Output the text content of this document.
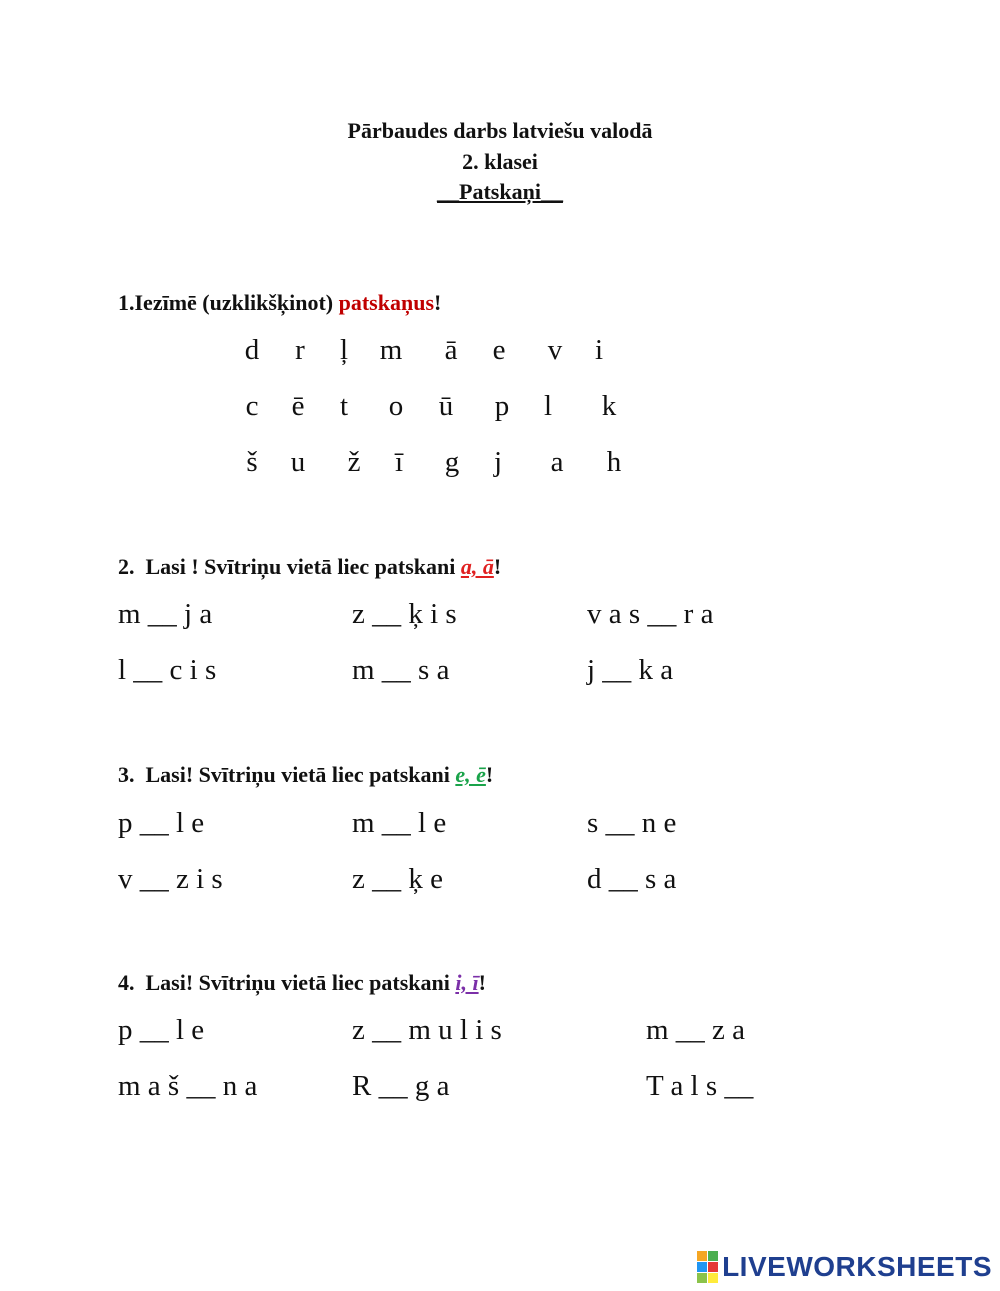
Pārbaudes darbs latviešu valodā
2. klasei
__Patskaņi__
1.Iezīmē (uzklikšķinot) patskaņus!
d	r	ļ	m	ā	e	v	i
c	ē	t	o	ū	p	l	k
š	u	ž	ī	g	j	a	h
2. Lasi ! Svītriņu vietā liec patskani a, ā!
m __ j a	z __ ķ i s	v a s __ r a
l __ c i s	m __ s a	j __ k a
3. Lasi! Svītriņu vietā liec patskani e, ē!
p __ l e	m __ l e	s __ n e
v __ z i s	z __ ķ e	d __ s a
4. Lasi! Svītriņu vietā liec patskani i, ī!
p __ l e	z __ m u l i s	m __ z a
m a š __ n a	R __ g a	T a l s __
LIVEWORKSHEETS
